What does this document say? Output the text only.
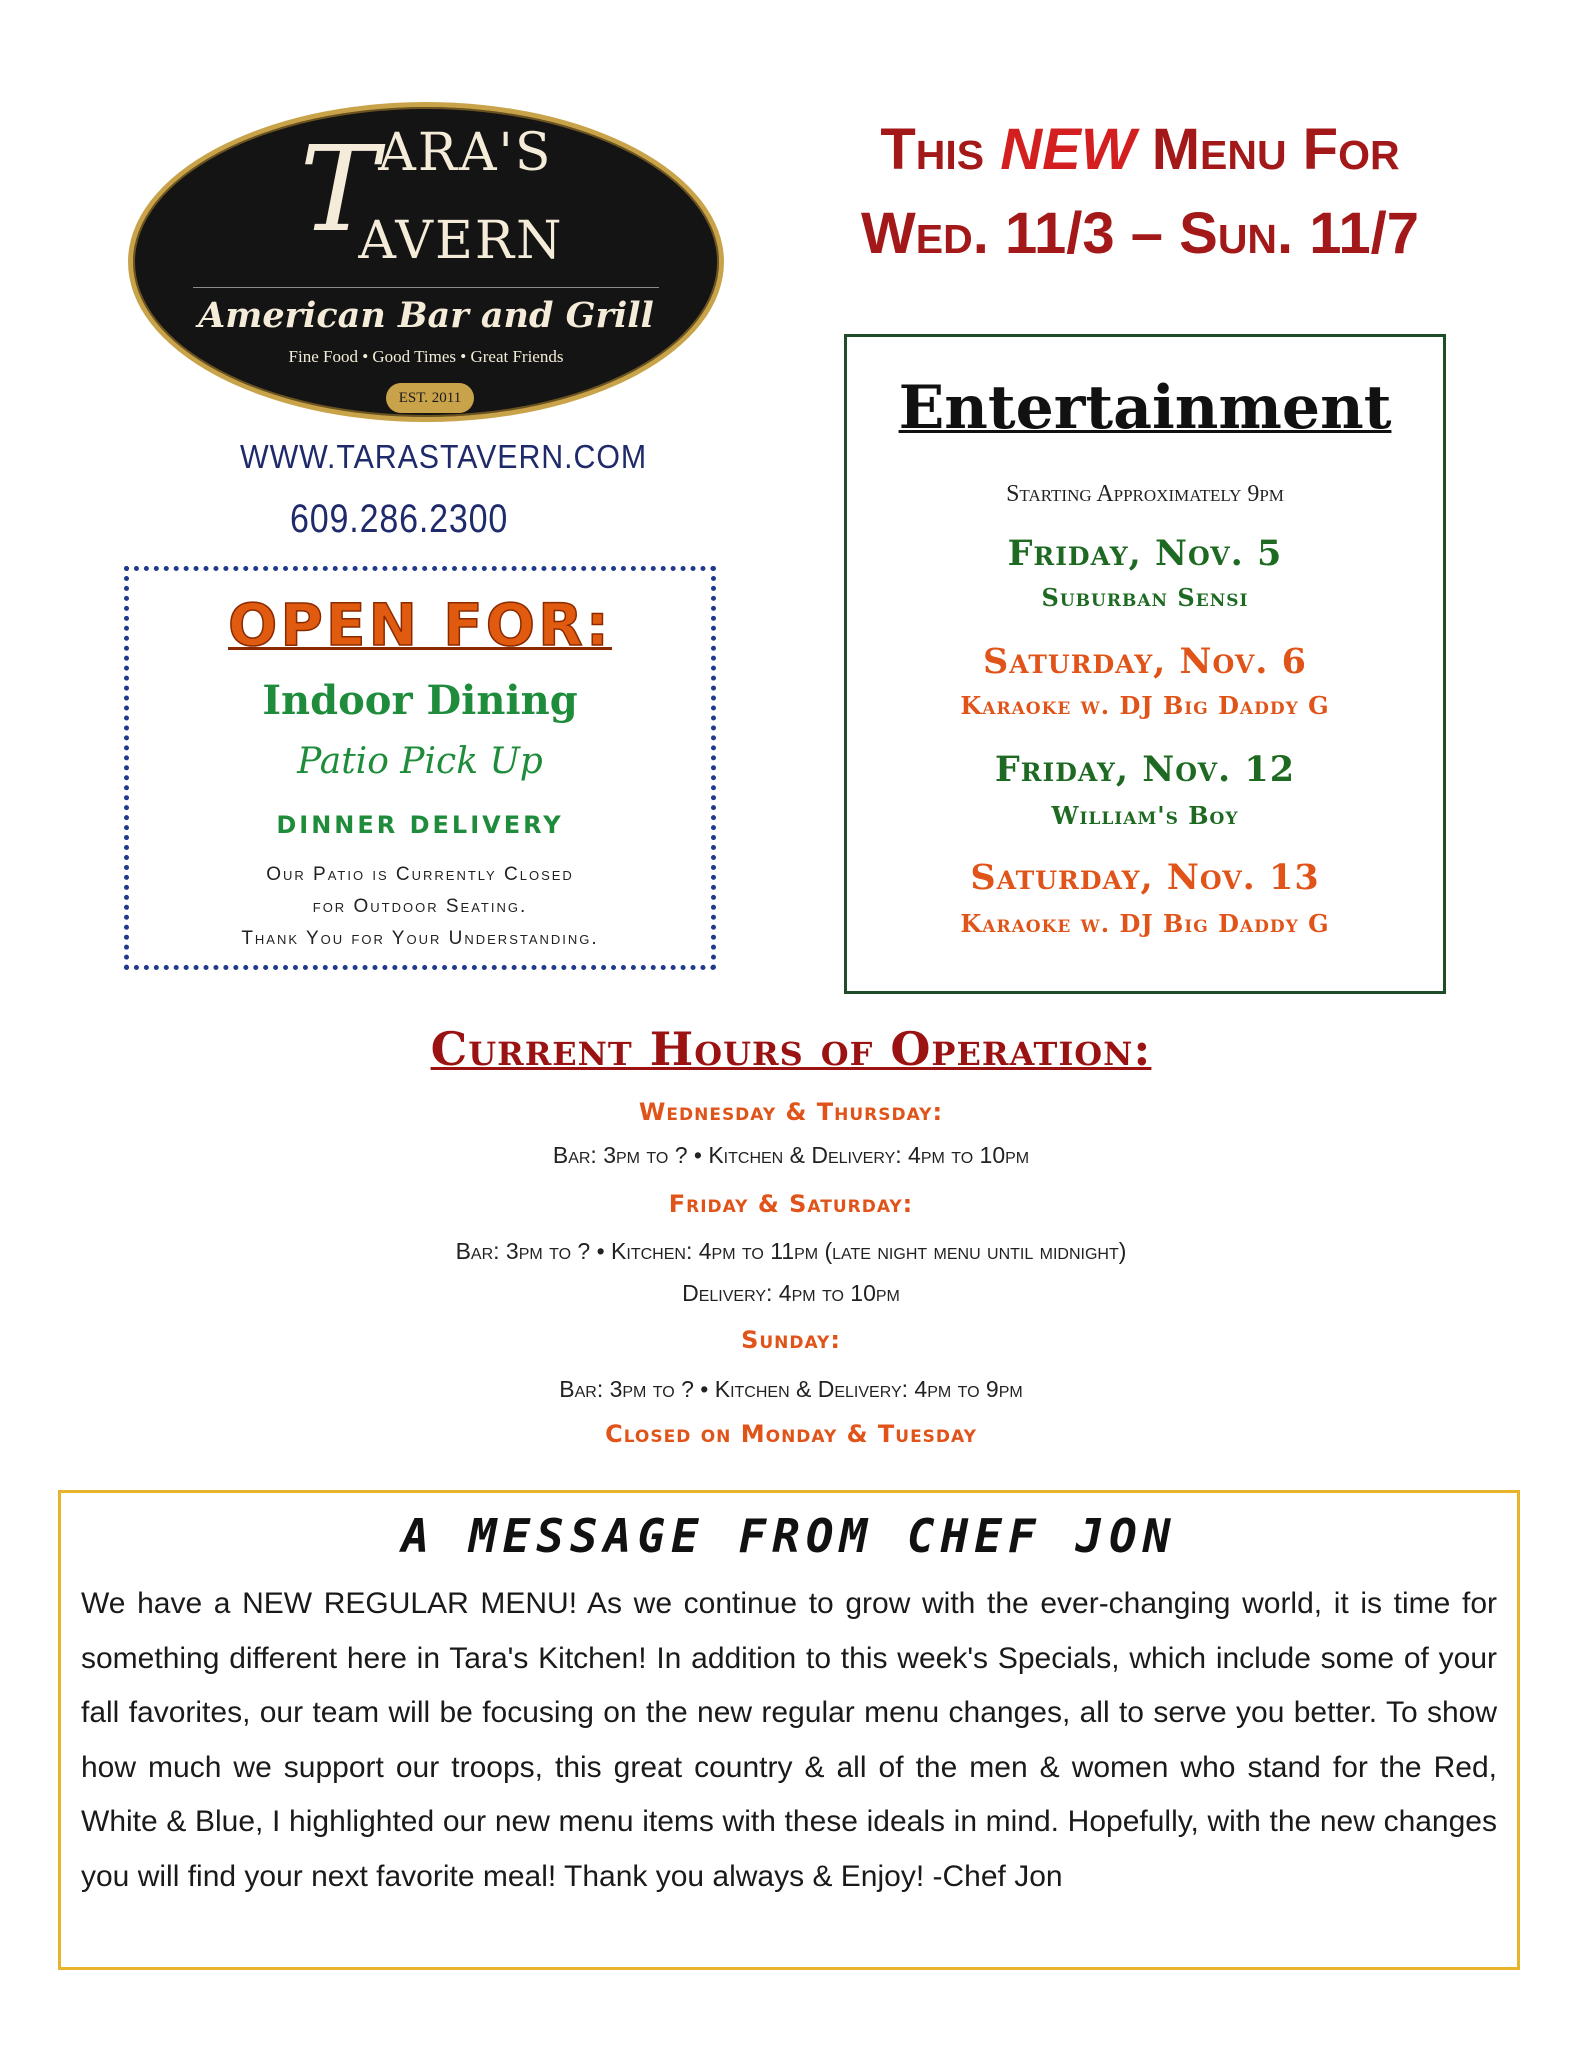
TARA'S
AVERN
American Bar and Grill
Fine Food • Good Times • Great Friends
EST. 2011
WWW.TARASTAVERN.COM
609.286.2300
This NEW Menu For
Wed. 11/3 – Sun. 11/7
OPEN FOR:
Indoor Dining
Patio Pick Up
DINNER DELIVERY
Our Patio is Currently Closed
for Outdoor Seating.
Thank You for Your Understanding.
Entertainment
Starting Approximately 9pm
Friday, Nov. 5
Suburban Sensi
Saturday, Nov. 6
Karaoke w. DJ Big Daddy G
Friday, Nov. 12
William's Boy
Saturday, Nov. 13
Karaoke w. DJ Big Daddy G
Current Hours of Operation:
Wednesday & Thursday:
Bar: 3pm to ? • Kitchen & Delivery: 4pm to 10pm
Friday & Saturday:
Bar: 3pm to ? • Kitchen: 4pm to 11pm (late night menu until midnight)
Delivery: 4pm to 10pm
Sunday:
Bar: 3pm to ? • Kitchen & Delivery: 4pm to 9pm
Closed on Monday & Tuesday
A MESSAGE FROM CHEF JON
We have a NEW REGULAR MENU! As we continue to grow with the ever-changing world, it is time for something different here in Tara's Kitchen! In addition to this week's Specials, which include some of your fall favorites, our team will be focusing on the new regular menu changes, all to serve you better. To show how much we support our troops, this great country & all of the men & women who stand for the Red, White & Blue, I highlighted our new menu items with these ideals in mind. Hopefully, with the new changes you will find your next favorite meal! Thank you always & Enjoy! -Chef Jon
